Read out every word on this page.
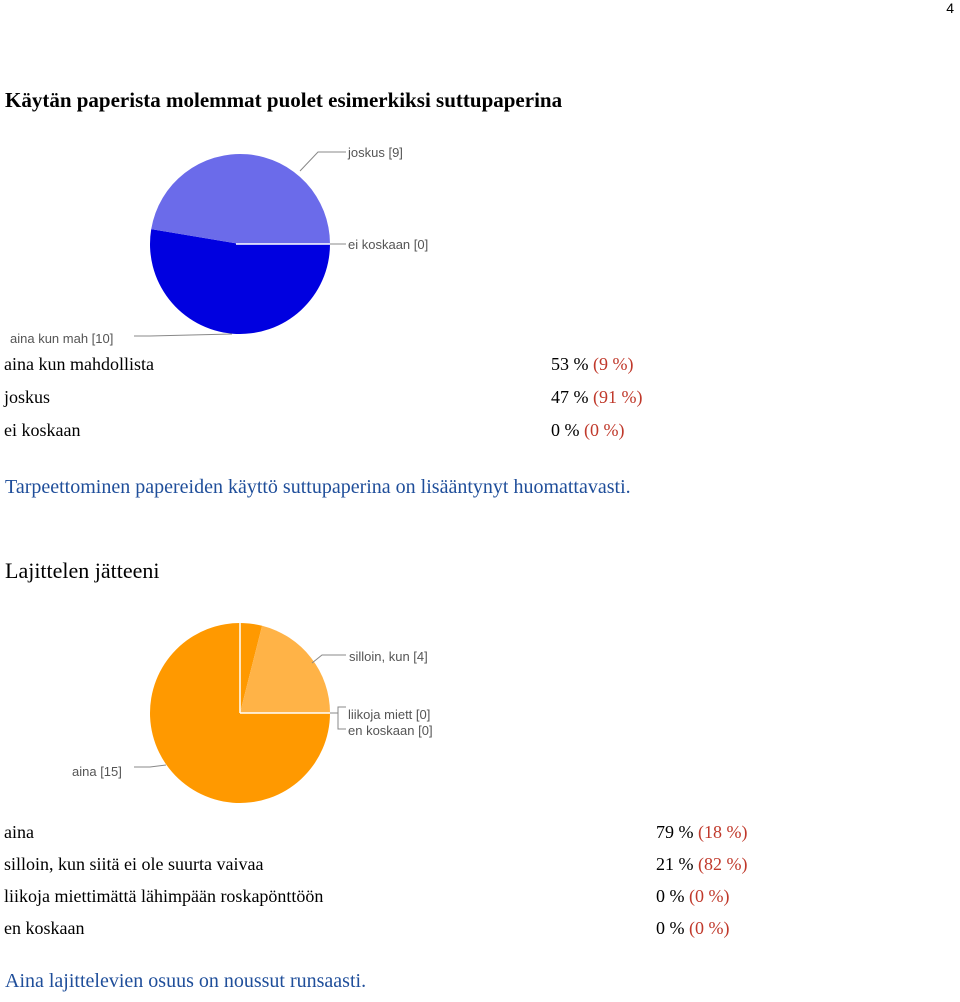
4
Käytän paperista molemmat puolet esimerkiksi suttupaperina
joskus [9]
ei koskaan [0]
aina kun mah [10]
aina kun mahdollista	53 % (9 %)
joskus	47 % (91 %)
ei koskaan	0 % (0 %)
Tarpeettominen papereiden käyttö suttupaperina on lisääntynyt huomattavasti.
Lajittelen jätteeni
silloin, kun [4]
liikoja miett [0]
en koskaan [0]
aina [15]
aina	79 % (18 %)
silloin, kun siitä ei ole suurta vaivaa	21 % (82 %)
liikoja miettimättä lähimpään roskapönttöön	0 % (0 %)
en koskaan	0 % (0 %)
Aina lajittelevien osuus on noussut runsaasti.
